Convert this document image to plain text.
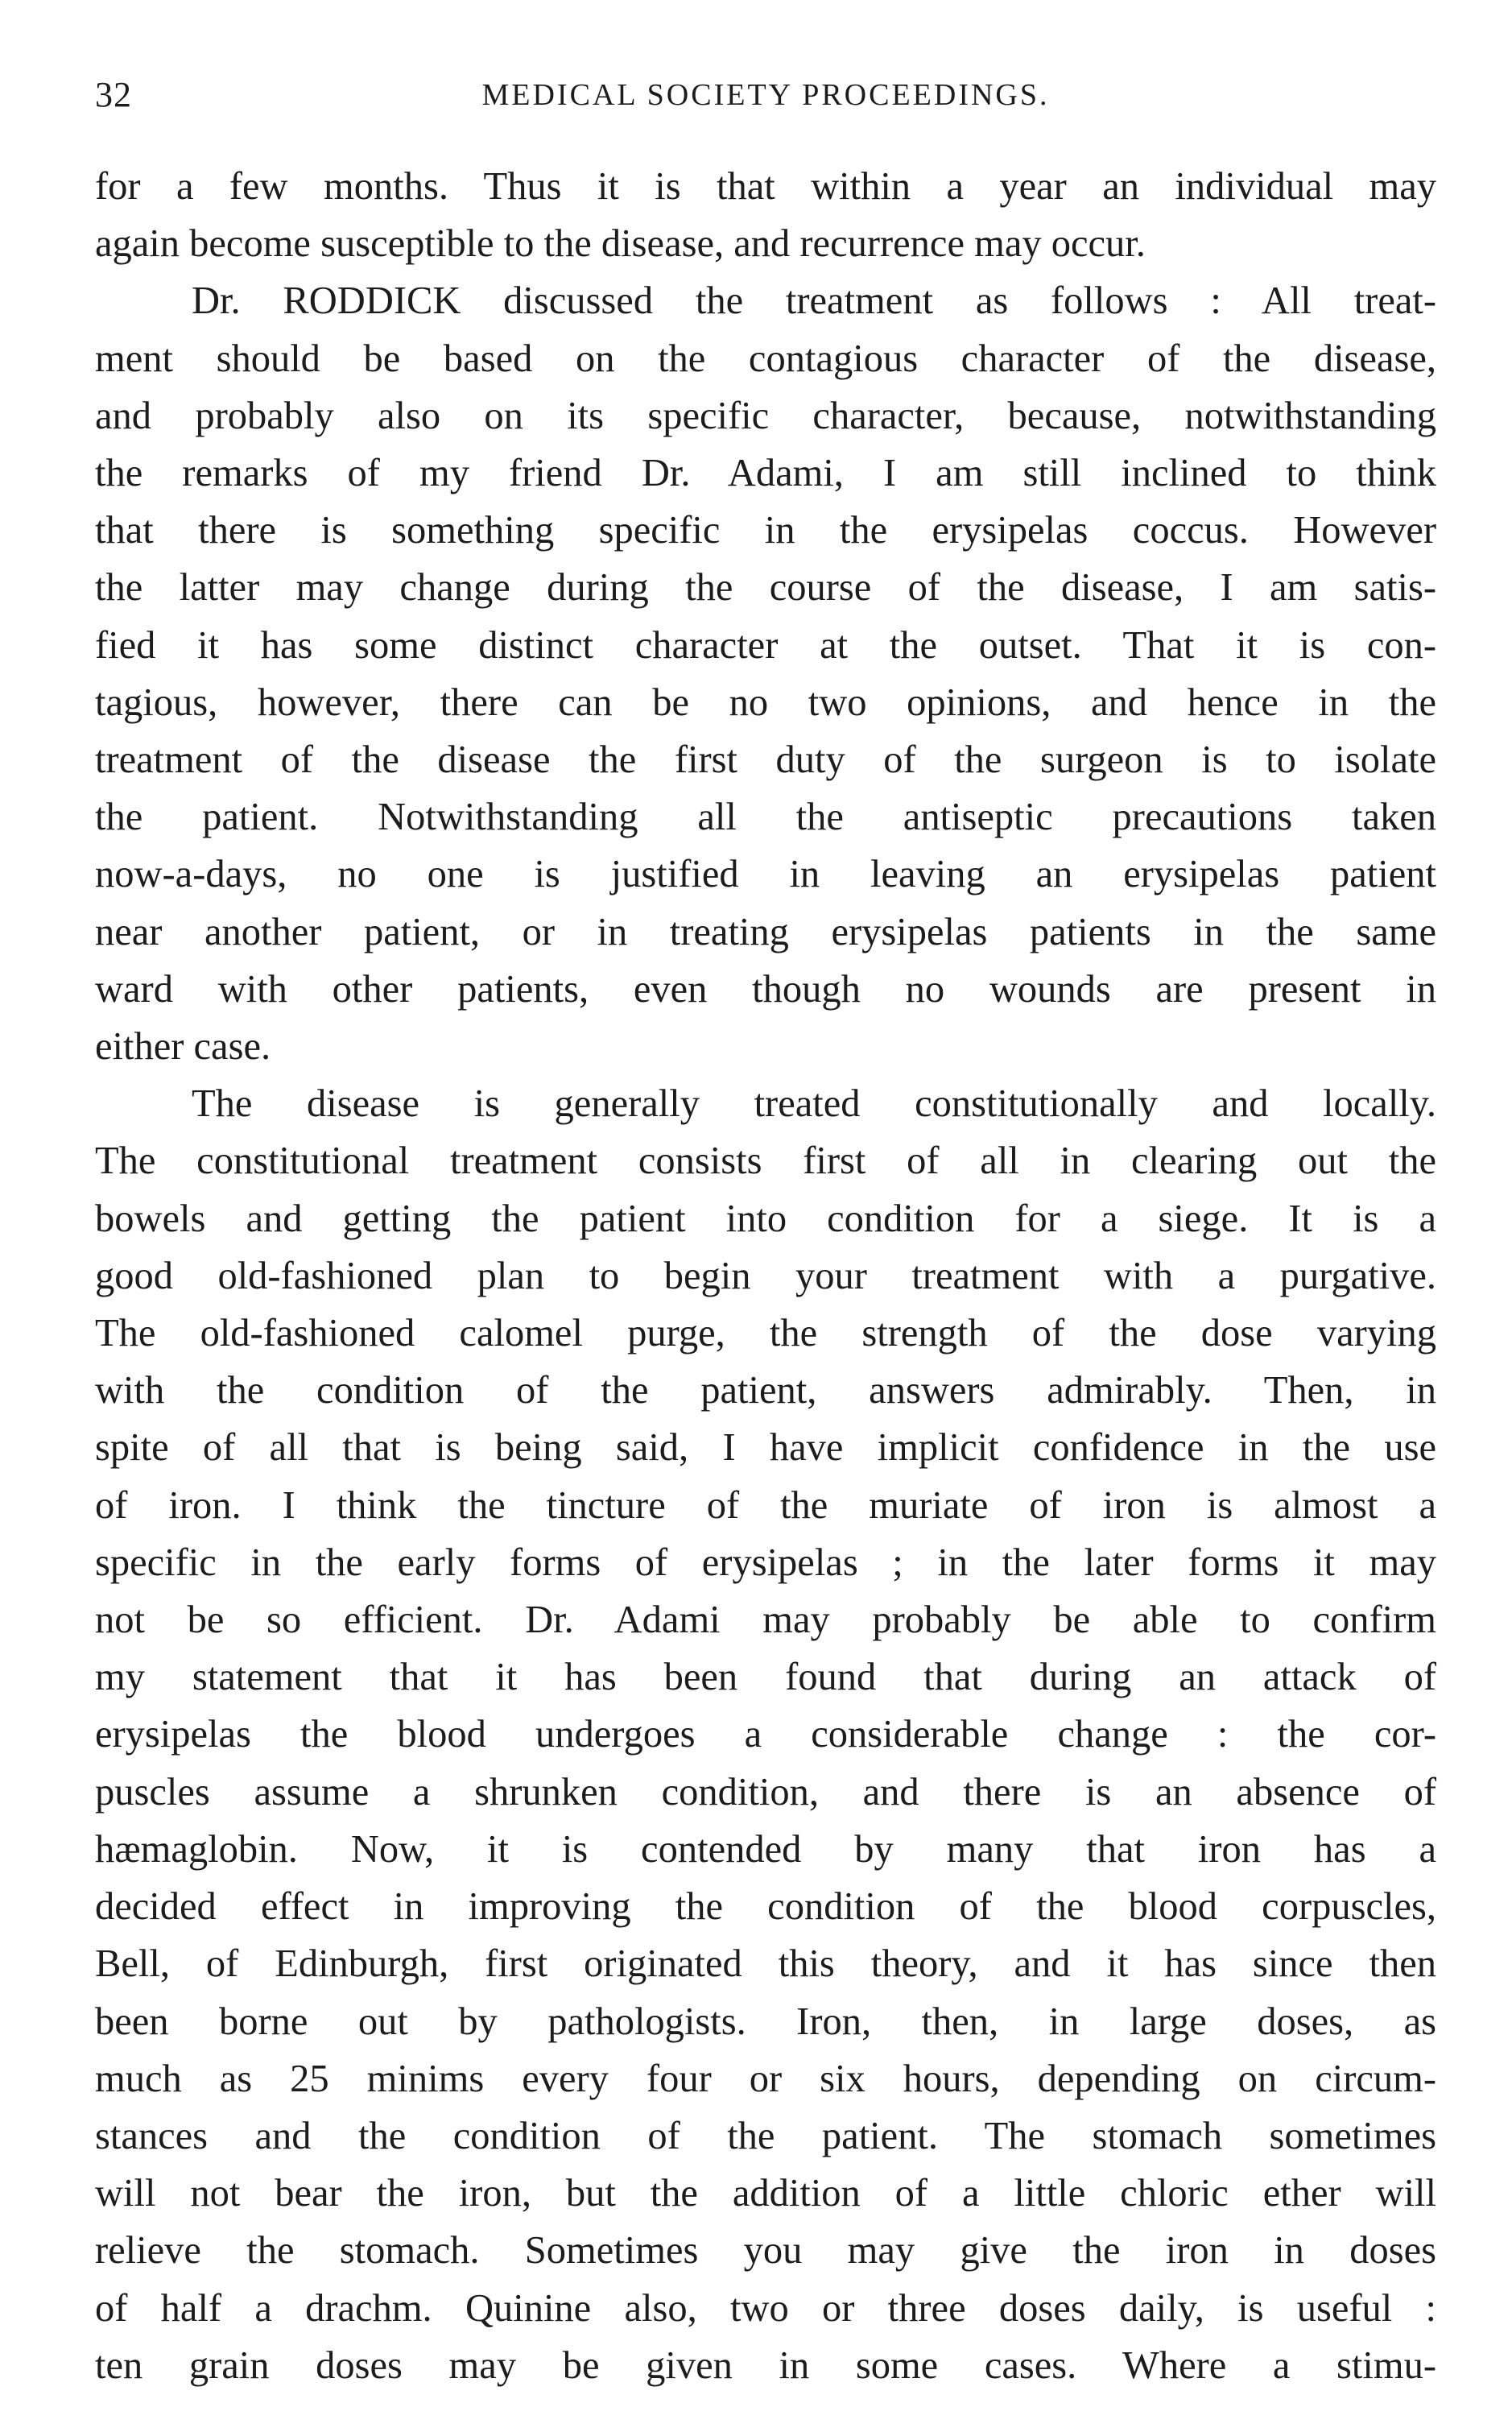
32	MEDICAL SOCIETY PROCEEDINGS.

for a few months. Thus it is that within a year an individual may
again become susceptible to the disease, and recurrence may occur.

Dr. RODDICK discussed the treatment as follows : All treat-
ment should be based on the contagious character of the disease,
and probably also on its specific character, because, notwithstanding
the remarks of my friend Dr. Adami, I am still inclined to think
that there is something specific in the erysipelas coccus. However
the latter may change during the course of the disease, I am satis-
fied it has some distinct character at the outset. That it is con-
tagious, however, there can be no two opinions, and hence in the
treatment of the disease the first duty of the surgeon is to isolate
the patient. Notwithstanding all the antiseptic precautions taken
now-a-days, no one is justified in leaving an erysipelas patient
near another patient, or in treating erysipelas patients in the same
ward with other patients, even though no wounds are present in
either case.

The disease is generally treated constitutionally and locally.
The constitutional treatment consists first of all in clearing out the
bowels and getting the patient into condition for a siege. It is a
good old-fashioned plan to begin your treatment with a purgative.
The old-fashioned calomel purge, the strength of the dose varying
with the condition of the patient, answers admirably. Then, in
spite of all that is being said, I have implicit confidence in the use
of iron. I think the tincture of the muriate of iron is almost a
specific in the early forms of erysipelas ; in the later forms it may
not be so efficient. Dr. Adami may probably be able to confirm
my statement that it has been found that during an attack of
erysipelas the blood undergoes a considerable change : the cor-
puscles assume a shrunken condition, and there is an absence of
hæmaglobin. Now, it is contended by many that iron has a
decided effect in improving the condition of the blood corpuscles,
Bell, of Edinburgh, first originated this theory, and it has since then
been borne out by pathologists. Iron, then, in large doses, as
much as 25 minims every four or six hours, depending on circum-
stances and the condition of the patient. The stomach sometimes
will not bear the iron, but the addition of a little chloric ether will
relieve the stomach. Sometimes you may give the iron in doses
of half a drachm. Quinine also, two or three doses daily, is useful :
ten grain doses may be given in some cases. Where a stimu-
